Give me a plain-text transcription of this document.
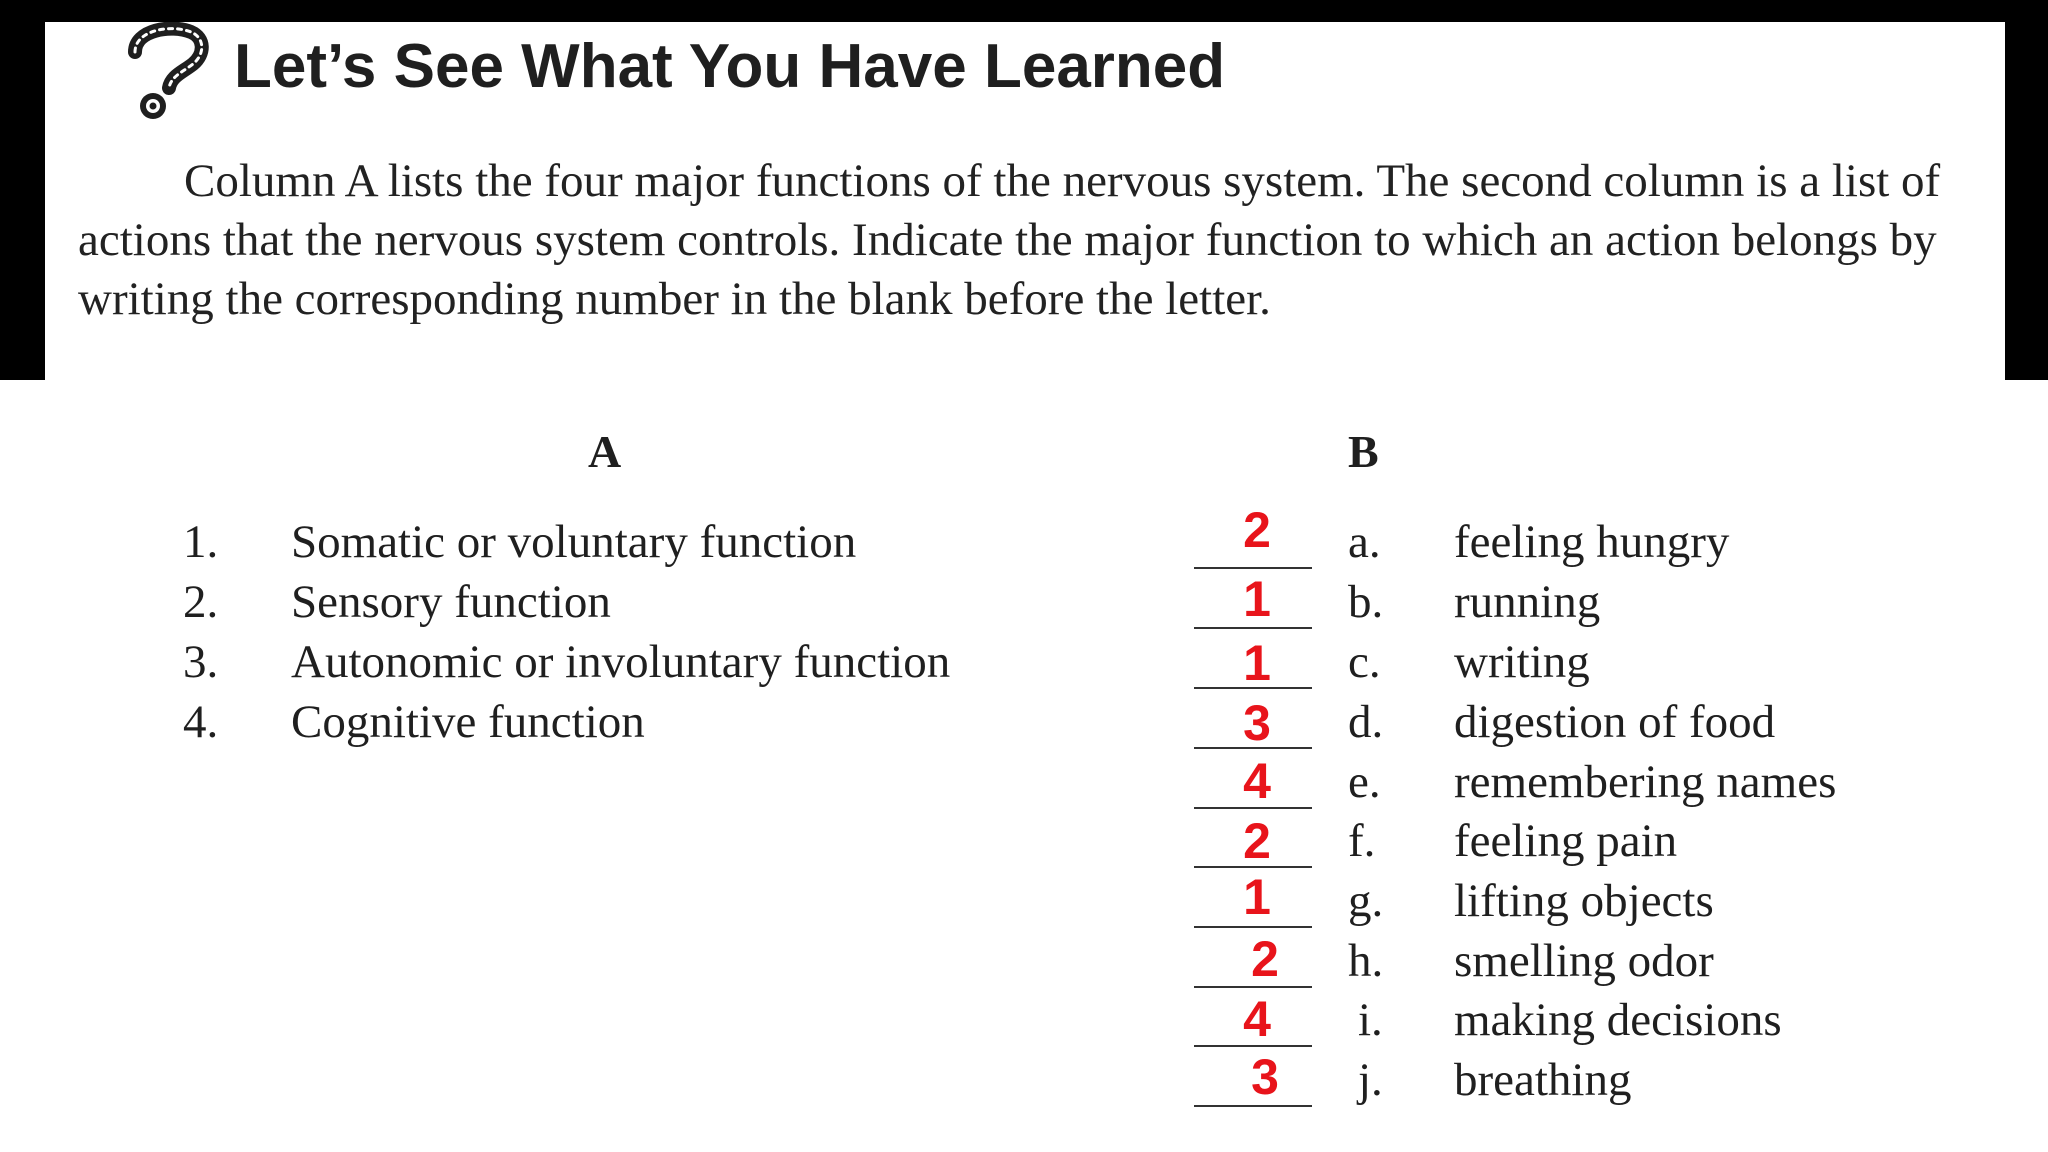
Let’s See What You Have Learned

Column A lists the four major functions of the nervous system. The second column is a list of actions that the nervous system controls. Indicate the major function to which an action belongs by writing the corresponding number in the blank before the letter.

A	B
1. Somatic or voluntary function
2. Sensory function
3. Autonomic or involuntary function
4. Cognitive function
2
1
1
3
4
2
1
2
4
3
a. feeling hungry
b. running
c. writing
d. digestion of food
e. remembering names
f. feeling pain
g. lifting objects
h. smelling odor
i. making decisions
j. breathing
